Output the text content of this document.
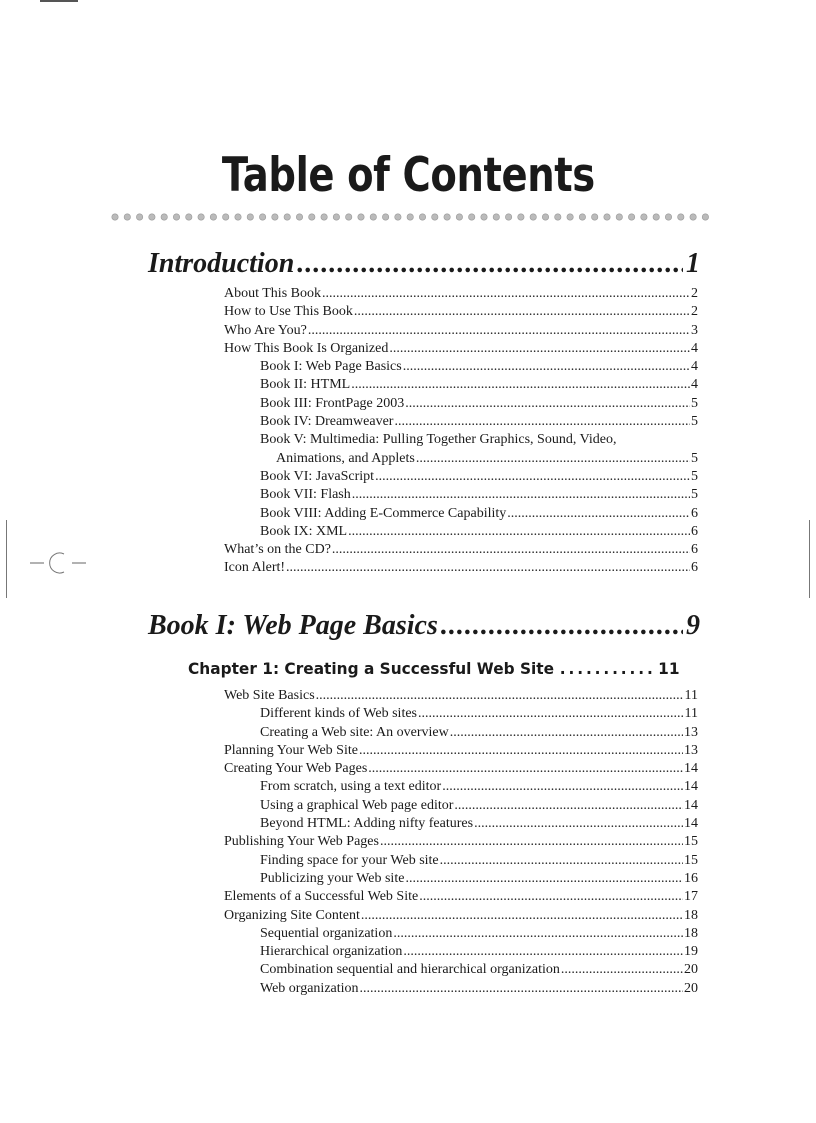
Table of Contents
Introduction .....	1
About This Book .....	2
How to Use This Book .....	2
Who Are You? .....	3
How This Book Is Organized .....	4
Book I: Web Page Basics .....	4
Book II: HTML .....	4
Book III: FrontPage 2003 .....	5
Book IV: Dreamweaver .....	5
Book V: Multimedia: Pulling Together Graphics, Sound, Video,
Animations, and Applets .....	5
Book VI: JavaScript .....	5
Book VII: Flash .....	5
Book VIII: Adding E-Commerce Capability .....	6
Book IX: XML .....	6
What’s on the CD? .....	6
Icon Alert! .....	6
Book I: Web Page Basics .....	9
Chapter 1: Creating a Successful Web Site .....	11
Web Site Basics .....	11
Different kinds of Web sites .....	11
Creating a Web site: An overview .....	13
Planning Your Web Site .....	13
Creating Your Web Pages .....	14
From scratch, using a text editor .....	14
Using a graphical Web page editor .....	14
Beyond HTML: Adding nifty features .....	14
Publishing Your Web Pages .....	15
Finding space for your Web site .....	15
Publicizing your Web site .....	16
Elements of a Successful Web Site .....	17
Organizing Site Content .....	18
Sequential organization .....	18
Hierarchical organization .....	19
Combination sequential and hierarchical organization .....	20
Web organization .....	20
